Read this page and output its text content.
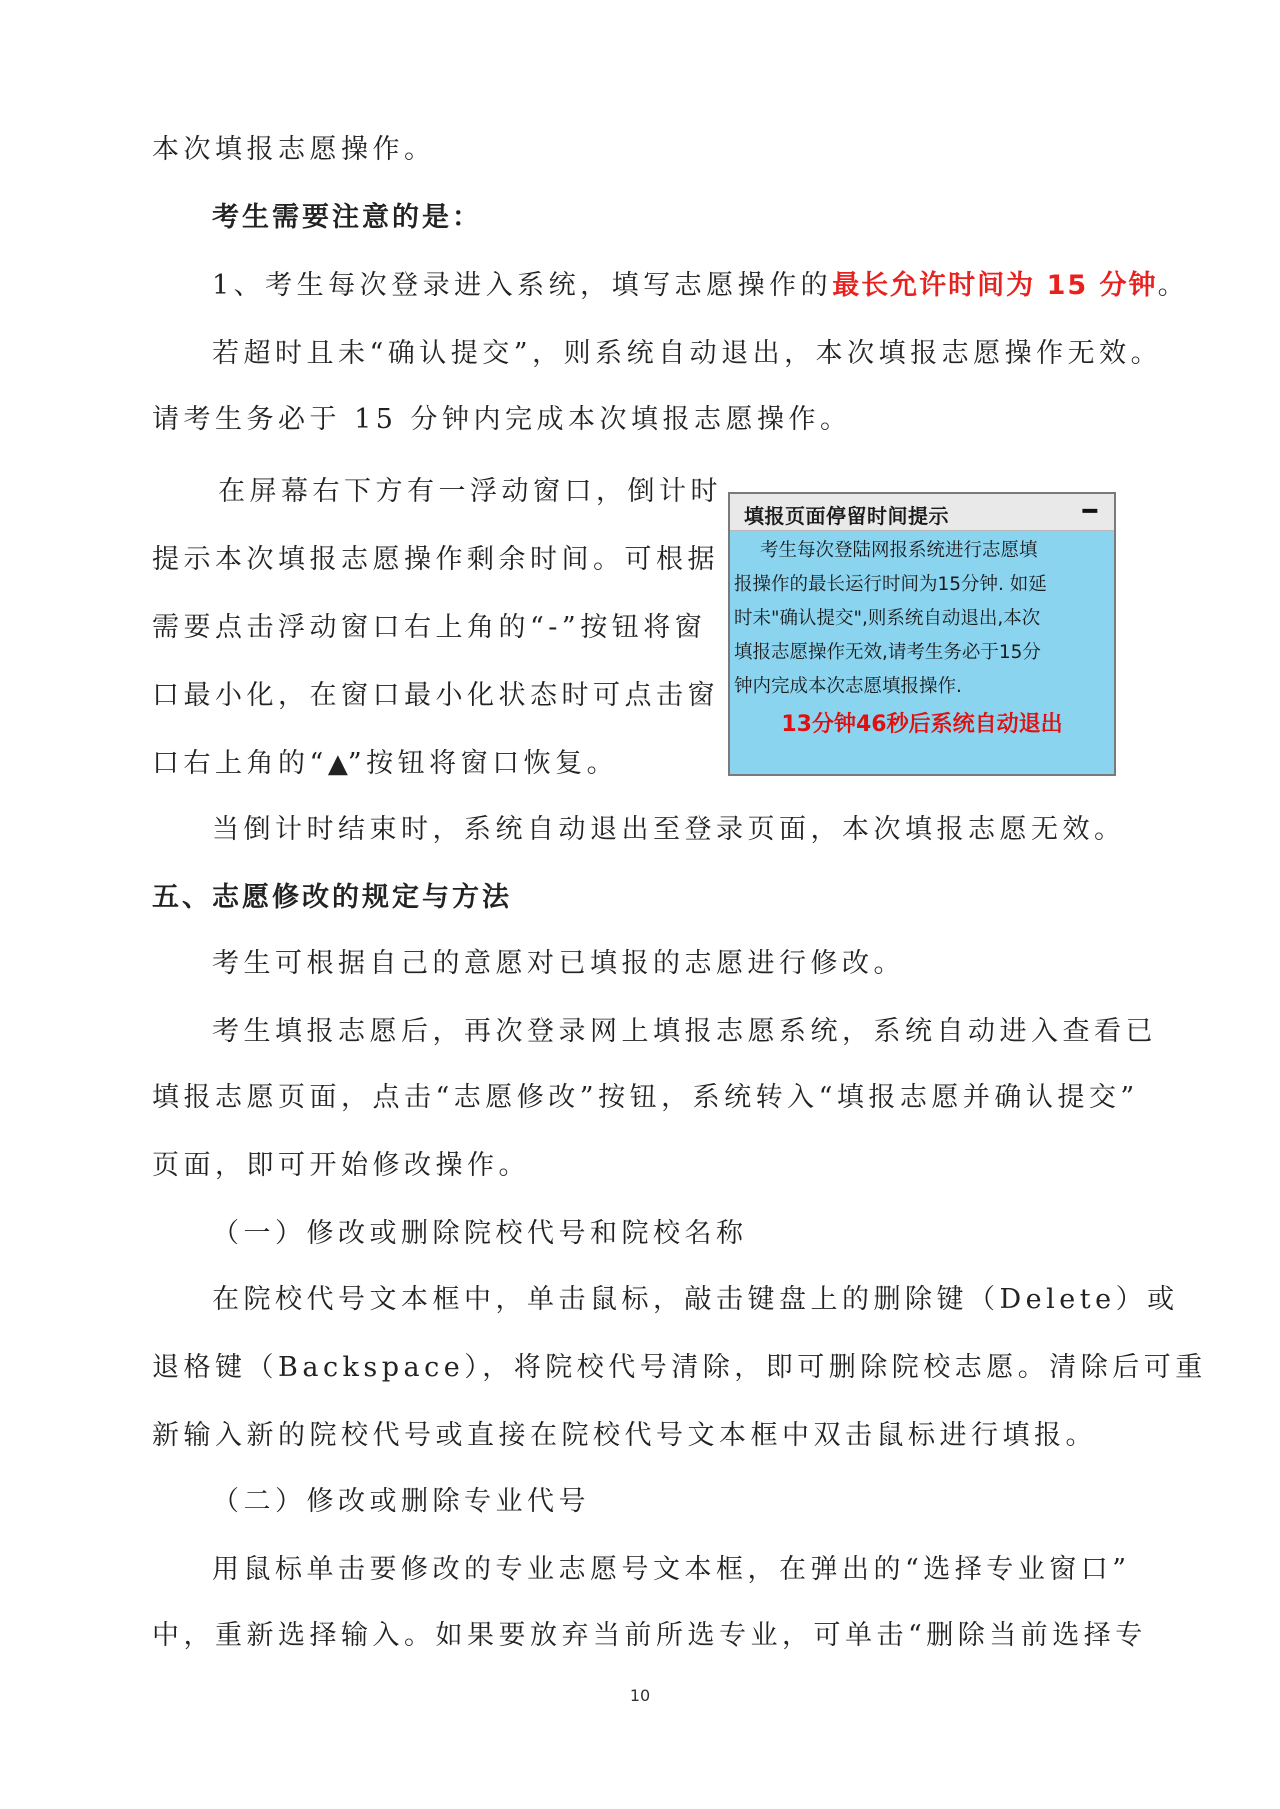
本次填报志愿操作。
考生需要注意的是：
1、考生每次登录进入系统，填写志愿操作的最长允许时间为 15 分钟。
若超时且未“确认提交”，则系统自动退出，本次填报志愿操作无效。
请考生务必于 15 分钟内完成本次填报志愿操作。
在屏幕右下方有一浮动窗口，倒计时
提示本次填报志愿操作剩余时间。可根据
需要点击浮动窗口右上角的“-”按钮将窗
口最小化，在窗口最小化状态时可点击窗
口右上角的“▲”按钮将窗口恢复。
填报页面停留时间提示	━
考生每次登陆网报系统进行志愿填
报操作的最长运行时间为15分钟. 如延
时未"确认提交",则系统自动退出,本次
填报志愿操作无效,请考生务必于15分
钟内完成本次志愿填报操作.
13分钟46秒后系统自动退出
当倒计时结束时，系统自动退出至登录页面，本次填报志愿无效。
五、志愿修改的规定与方法
考生可根据自己的意愿对已填报的志愿进行修改。
考生填报志愿后，再次登录网上填报志愿系统，系统自动进入查看已
填报志愿页面，点击“志愿修改”按钮，系统转入“填报志愿并确认提交”
页面，即可开始修改操作。
（一）修改或删除院校代号和院校名称
在院校代号文本框中，单击鼠标，敲击键盘上的删除键（Delete）或
退格键（Backspace），将院校代号清除，即可删除院校志愿。清除后可重
新输入新的院校代号或直接在院校代号文本框中双击鼠标进行填报。
（二）修改或删除专业代号
用鼠标单击要修改的专业志愿号文本框，在弹出的“选择专业窗口”
中，重新选择输入。如果要放弃当前所选专业，可单击“删除当前选择专
10
